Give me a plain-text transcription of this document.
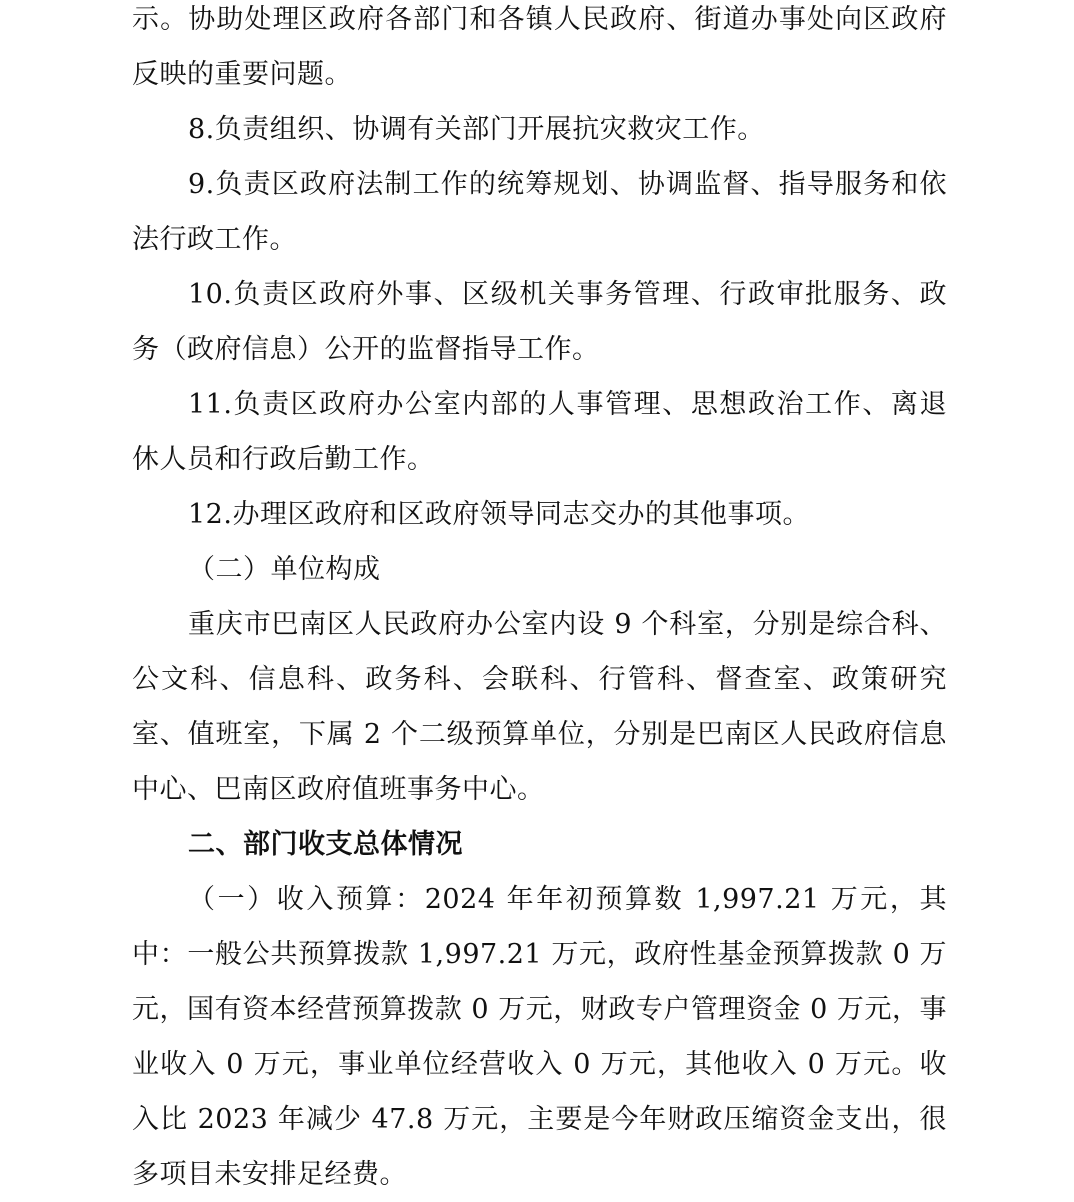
示。协助处理区政府各部门和各镇人民政府、街道办事处向区政府反映的重要问题。

8.负责组织、协调有关部门开展抗灾救灾工作。

9.负责区政府法制工作的统筹规划、协调监督、指导服务和依法行政工作。

10.负责区政府外事、区级机关事务管理、行政审批服务、政务（政府信息）公开的监督指导工作。

11.负责区政府办公室内部的人事管理、思想政治工作、离退休人员和行政后勤工作。

12.办理区政府和区政府领导同志交办的其他事项。

（二）单位构成

重庆市巴南区人民政府办公室内设 9 个科室，分别是综合科、公文科、信息科、政务科、会联科、行管科、督查室、政策研究室、值班室，下属 2 个二级预算单位，分别是巴南区人民政府信息中心、巴南区政府值班事务中心。

二、部门收支总体情况

（一）收入预算：2024 年年初预算数 1,997.21 万元，其中：一般公共预算拨款 1,997.21 万元，政府性基金预算拨款 0 万元，国有资本经营预算拨款 0 万元，财政专户管理资金 0 万元，事业收入 0 万元，事业单位经营收入 0 万元，其他收入 0 万元。收入比 2023 年减少 47.8 万元，主要是今年财政压缩资金支出，很多项目未安排足经费。
